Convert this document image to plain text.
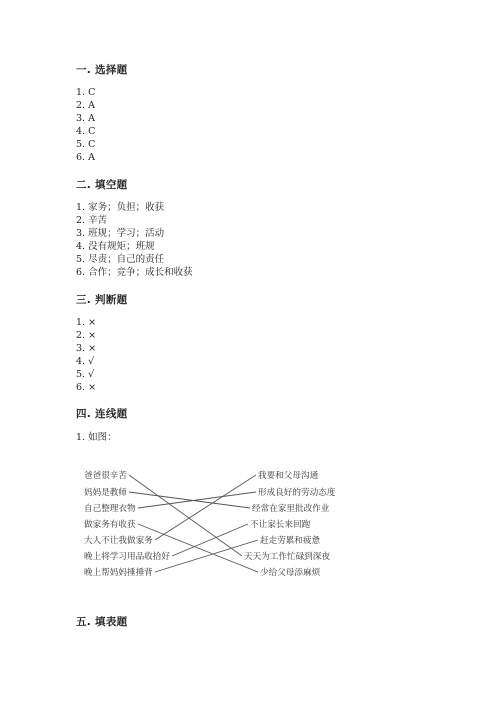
一. 选择题
1. C
2. A
3. A
4. C
5. C
6. A
二. 填空题
1. 家务；负担；收获
2. 辛苦
3. 班规；学习；活动
4. 没有规矩；班规
5. 尽责；自己的责任
6. 合作；竞争；成长和收获
三. 判断题
1. ×
2. ×
3. ×
4. √
5. √
6. ×
四. 连线题
1. 如图：
爸爸很辛苦
妈妈是教师
自己整理衣物
做家务有收获
大人不让我做家务
晚上将学习用品收拾好
晚上帮妈妈捶捶背
我要和父母沟通
形成良好的劳动态度
经常在家里批改作业
不让家长来回跑
赶走劳累和疲惫
天天为工作忙碌到深夜
少给父母添麻烦
五. 填表题
